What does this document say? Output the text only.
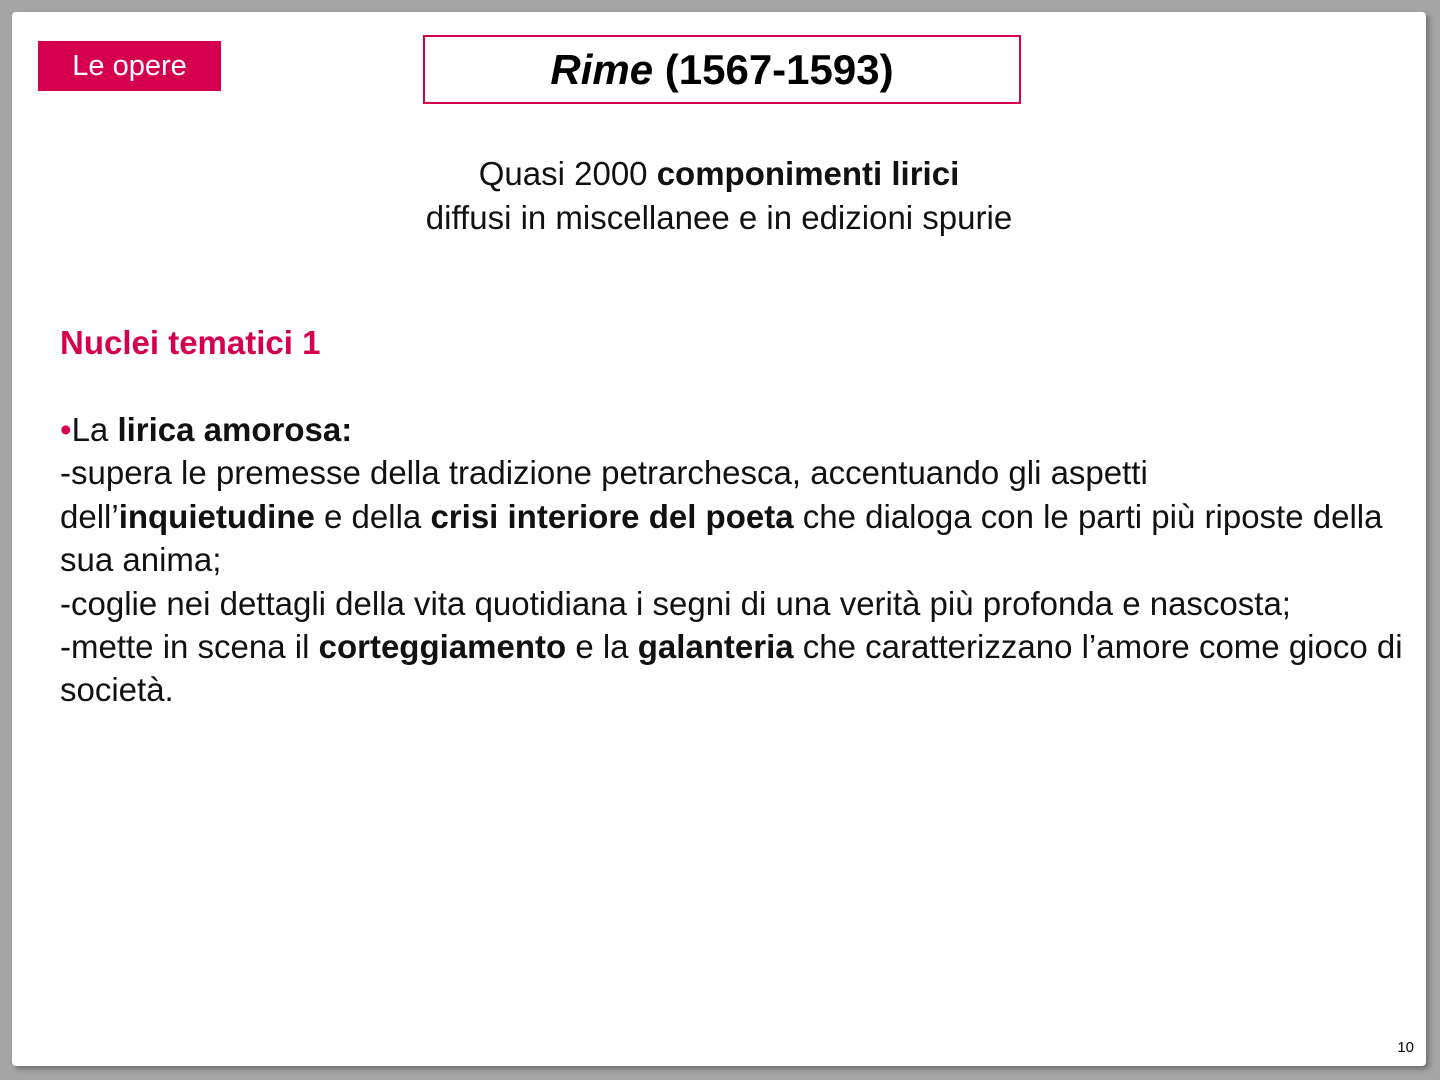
Le opere	Rime (1567-1593)
Quasi 2000 componimenti lirici
diffusi in miscellanee e in edizioni spurie
Nuclei tematici 1

•La lirica amorosa:

-supera le premesse della tradizione petrarchesca, accentuando gli aspetti dell’inquietudine e della crisi interiore del poeta che dialoga con le parti più riposte della sua anima;

-coglie nei dettagli della vita quotidiana i segni di una verità più profonda e nascosta;

-mette in scena il corteggiamento e la galanteria che caratterizzano l’amore come gioco di società.

10
